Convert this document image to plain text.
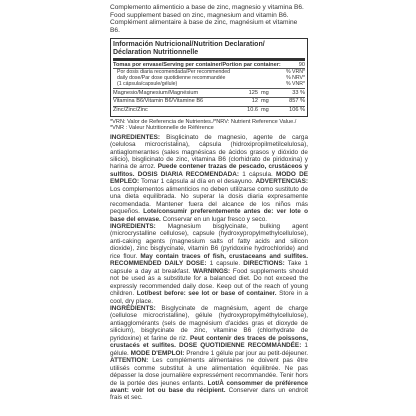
Complemento alimenticio a base de zinc, magnesio y vitamina B6.

Food supplement based on zinc, magnesium and vitamin B6.

Complément alimentaire à base de zinc, magnésium et vitamine B6.

Información Nutricional/Nutrition Declaration/
Déclaration Nutritionnelle
Tomas por envase/Serving per container/Portion par container:	90
Por dosis diaria recomendada/Per recommended
daily dose/Par dose quotidienne recommandée
(1 cápsula/capsule/gélule)
% VRN*
% NRV*
% VNR*
Magnesio/Magnesium/Magnésium	125 mg	33 %
Vitamina B6/Vitamin B6/Vitamine B6	12 mg	857 %
Zinc/Zinc/Zinc	10.6 mg	106 %

*VRN: Valor de Referencia de Nutrientes./*NRV: Nutrient Reference Value./

*VNR : Valeur Nutritionnelle de Référence

INGREDIENTES: Bisglicinato de magnesio, agente de carga (celulosa microcristalina), cápsula (hidroxipropilmetilcelulosa), antiaglomerantes (sales magnésicas de ácidos grasos y dióxido de silicio), bisglicinato de zinc, vitamina B6 (clorhidrato de piridoxina) y harina de arroz. Puede contener trazas de pescado, crustáceos y sulfitos. DOSIS DIARIA RECOMENDADA: 1 cápsula. MODO DE EMPLEO: Tomar 1 cápsula al día en el desayuno. ADVERTENCIAS: Los complementos alimenticios no deben utilizarse como sustituto de una dieta equilibrada. No superar la dosis diaria expresamente recomendada. Mantener fuera del alcance de los niños más pequeños. Lote/consumir preferentemente antes de: ver lote o base del envase. Conservar en un lugar fresco y seco.

INGREDIENTS: Magnesium bisglycinate, bulking agent (microcrystalline cellulose), capsule (hydroxypropylmethylcellulose), anti-caking agents (magnesium salts of fatty acids and silicon dioxide), zinc bisglycinate, vitamin B6 (pyridoxine hydrochloride) and rice flour. May contain traces of fish, crustaceans and sulfites. RECOMMENDED DAILY DOSE: 1 capsule. DIRECTIONS: Take 1 capsule a day at breakfast. WARNINGS: Food supplements should not be used as a substitute for a balanced diet. Do not exceed the expressly recommended daily dose. Keep out of the reach of young children. Lot/best before: see lot or base of container. Store in a cool, dry place.

INGRÉDIENTS: Bisglycinate de magnésium, agent de charge (cellulose microcristalline), gélule (hydroxypropylméthylcellulose), antiagglomérants (sels de magnésium d'acides gras et dioxyde de silicium), bisglycinate de zinc, vitamine B6 (chlorhydrate de pyridoxine) et farine de riz. Peut contenir des traces de poissons, crustacés et sulfites. DOSE QUOTIDIENNE RECOMMANDÉE: 1 gélule. MODE D'EMPLOI: Prendre 1 gélule par jour au petit-déjeuner. ATTENTION: Les compléments alimentaires ne doivent pas être utilisés comme substitut à une alimentation équilibrée. Ne pas dépasser la dose journalière expressément recommandée. Tenir hors de la portée des jeunes enfants. Lot/À consommer de préférence avant: voir lot ou base du récipient. Conserver dans un endroit frais et sec.
